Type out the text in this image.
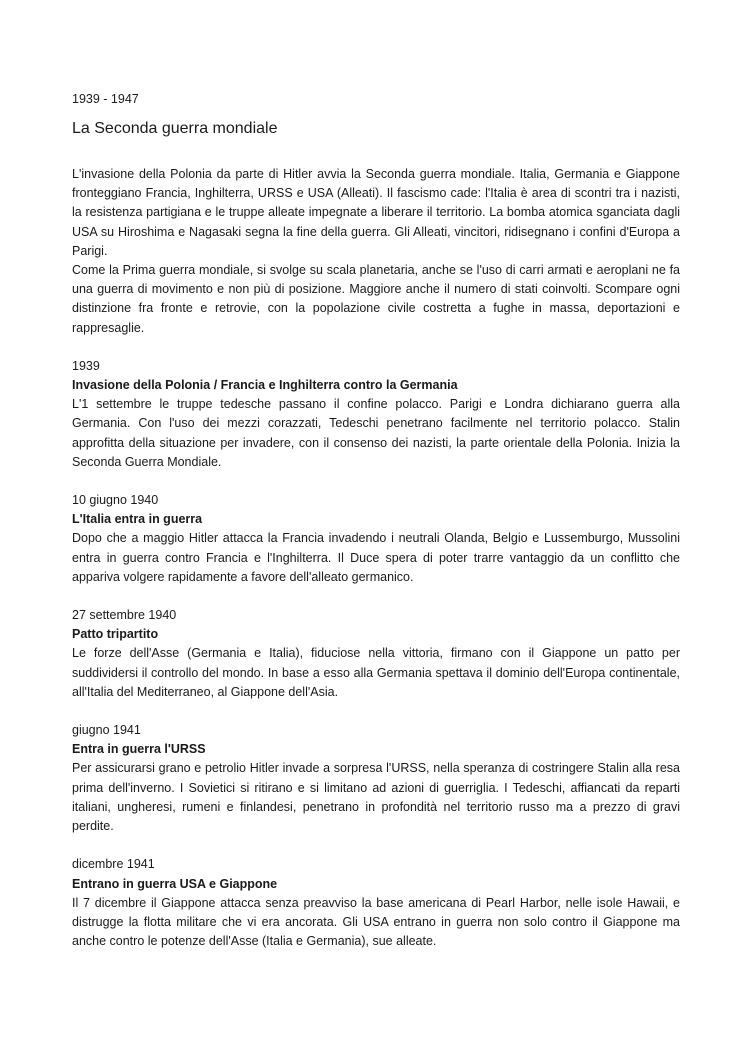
1939 - 1947
La Seconda guerra mondiale

L'invasione della Polonia da parte di Hitler avvia la Seconda guerra mondiale. Italia, Germania e Giappone fronteggiano Francia, Inghilterra, URSS e USA (Alleati). Il fascismo cade: l'Italia è area di scontri tra i nazisti, la resistenza partigiana e le truppe alleate impegnate a liberare il territorio. La bomba atomica sganciata dagli USA su Hiroshima e Nagasaki segna la fine della guerra. Gli Alleati, vincitori, ridisegnano i confini d'Europa a Parigi.

Come la Prima guerra mondiale, si svolge su scala planetaria, anche se l'uso di carri armati e aeroplani ne fa una guerra di movimento e non più di posizione. Maggiore anche il numero di stati coinvolti. Scompare ogni distinzione fra fronte e retrovie, con la popolazione civile costretta a fughe in massa, deportazioni e rappresaglie.

1939
Invasione della Polonia / Francia e Inghilterra contro la Germania

L'1 settembre le truppe tedesche passano il confine polacco. Parigi e Londra dichiarano guerra alla Germania. Con l'uso dei mezzi corazzati, Tedeschi penetrano facilmente nel territorio polacco. Stalin approfitta della situazione per invadere, con il consenso dei nazisti, la parte orientale della Polonia. Inizia la Seconda Guerra Mondiale.

10 giugno 1940
L'Italia entra in guerra

Dopo che a maggio Hitler attacca la Francia invadendo i neutrali Olanda, Belgio e Lussemburgo, Mussolini entra in guerra contro Francia e l'Inghilterra. Il Duce spera di poter trarre vantaggio da un conflitto che appariva volgere rapidamente a favore dell'alleato germanico.

27 settembre 1940
Patto tripartito

Le forze dell'Asse (Germania e Italia), fiduciose nella vittoria, firmano con il Giappone un patto per suddividersi il controllo del mondo. In base a esso alla Germania spettava il dominio dell'Europa continentale, all'Italia del Mediterraneo, al Giappone dell'Asia.

giugno 1941
Entra in guerra l'URSS

Per assicurarsi grano e petrolio Hitler invade a sorpresa l'URSS, nella speranza di costringere Stalin alla resa prima dell'inverno. I Sovietici si ritirano e si limitano ad azioni di guerriglia. I Tedeschi, affiancati da reparti italiani, ungheresi, rumeni e finlandesi, penetrano in profondità nel territorio russo ma a prezzo di gravi perdite.

dicembre 1941
Entrano in guerra USA e Giappone

Il 7 dicembre il Giappone attacca senza preavviso la base americana di Pearl Harbor, nelle isole Hawaii, e distrugge la flotta militare che vi era ancorata. Gli USA entrano in guerra non solo contro il Giappone ma anche contro le potenze dell'Asse (Italia e Germania), sue alleate.
